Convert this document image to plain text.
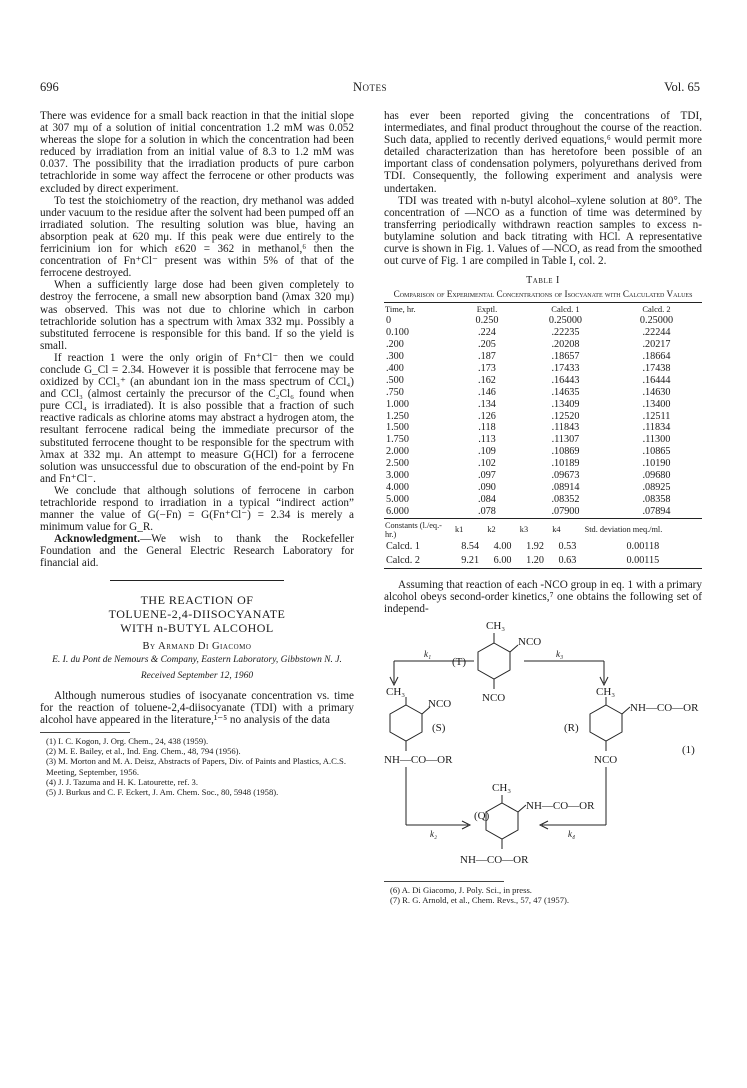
696	Notes	Vol. 65

There was evidence for a small back reaction in that the initial slope at 307 mμ of a solution of initial concentration 1.2 mM was 0.052 whereas the slope for a solution in which the concentration had been reduced by irradiation from an initial value of 8.3 to 1.2 mM was 0.037. The possibility that the irradiation products of pure carbon tetrachloride in some way affect the ferrocene or other products was excluded by direct experiment.

To test the stoichiometry of the reaction, dry methanol was added under vacuum to the residue after the solvent had been pumped off an irradiated solution. The resulting solution was blue, having an absorption peak at 620 mμ. If this peak were due entirely to the ferricinium ion for which ε620 = 362 in methanol,⁶ then the concentration of Fn⁺Cl⁻ present was within 5% of that of the ferrocene destroyed.

When a sufficiently large dose had been given completely to destroy the ferrocene, a small new absorption band (λmax 320 mμ) was observed. This was not due to chlorine which in carbon tetrachloride solution has a spectrum with λmax 332 mμ. Possibly a substituted ferrocene is responsible for this band. If so the yield is small.

If reaction 1 were the only origin of Fn⁺Cl⁻ then we could conclude G_Cl = 2.34. However it is possible that ferrocene may be oxidized by CCl₃⁺ (an abundant ion in the mass spectrum of CCl₄) and CCl₃ (almost certainly the precursor of the C₂Cl₆ found when pure CCl₄ is irradiated). It is also possible that a fraction of such reactive radicals as chlorine atoms may abstract a hydrogen atom, the resultant ferrocene radical being the immediate precursor of the substituted ferrocene thought to be responsible for the spectrum with λmax at 332 mμ. An attempt to measure G(HCl) for a ferrocene solution was unsuccessful due to obscuration of the end-point by Fn and Fn⁺Cl⁻.

We conclude that although solutions of ferrocene in carbon tetrachloride respond to irradiation in a typical “indirect action” manner the value of G(−Fn) = G(Fn⁺Cl⁻) = 2.34 is merely a minimum value for G_R.

Acknowledgment.—We wish to thank the Rockefeller Foundation and the General Electric Research Laboratory for financial aid.

THE REACTION OF
TOLUENE-2,4-DIISOCYANATE
WITH n-BUTYL ALCOHOL
By Armand Di Giacomo
E. I. du Pont de Nemours & Company, Eastern Laboratory, Gibbstown N. J.
Received September 12, 1960

Although numerous studies of isocyanate concentration vs. time for the reaction of toluene-2,4-diisocyanate (TDI) with a primary alcohol have appeared in the literature,¹⁻⁵ no analysis of the data

(1) I. C. Kogon, J. Org. Chem., 24, 438 (1959).

(2) M. E. Bailey, et al., Ind. Eng. Chem., 48, 794 (1956).

(3) M. Morton and M. A. Deisz, Abstracts of Papers, Div. of Paints and Plastics, A.C.S. Meeting, September, 1956.

(4) J. J. Tazuma and H. K. Latourette, ref. 3.

(5) J. Burkus and C. F. Eckert, J. Am. Chem. Soc., 80, 5948 (1958).

has ever been reported giving the concentrations of TDI, intermediates, and final product throughout the course of the reaction. Such data, applied to recently derived equations,⁶ would permit more detailed characterization than has heretofore been possible of an important class of condensation polymers, polyurethans derived from TDI. Consequently, the following experiment and analysis were undertaken.

TDI was treated with n-butyl alcohol–xylene solution at 80°. The concentration of —NCO as a function of time was determined by transferring periodically withdrawn reaction samples to excess n-butylamine solution and back titrating with HCl. A representative curve is shown in Fig. 1. Values of —NCO, as read from the smoothed out curve of Fig. 1 are compiled in Table I, col. 2.

Table I
Comparison of Experimental Concentrations of Isocyanate with Calculated Values
Time, hr.	Exptl.	Calcd. 1	Calcd. 2
0	0.250	0.25000	0.25000
0.100	.224	.22235	.22244
.200	.205	.20208	.20217
.300	.187	.18657	.18664
.400	.173	.17433	.17438
.500	.162	.16443	.16444
.750	.146	.14635	.14630
1.000	.134	.13409	.13400
1.250	.126	.12520	.12511
1.500	.118	.11843	.11834
1.750	.113	.11307	.11300
2.000	.109	.10869	.10865
2.500	.102	.10189	.10190
3.000	.097	.09673	.09680
4.000	.090	.08914	.08925
5.000	.084	.08352	.08358
6.000	.078	.07900	.07894
Constants (l./eq.-hr.)	k1	k2	k3	k4	Std. deviation meq./ml.
Calcd. 1	8.54	4.00	1.92	0.53	0.00118
Calcd. 2	9.21	6.00	1.20	0.63	0.00115

Assuming that reaction of each -NCO group in eq. 1 with a primary alcohol obeys second-order kinetics,⁷ one obtains the following set of independ-

CH₃
NCO
NCO
(T)
k₁	k₃
CH₃
NCO
(S)
NH—CO—OR
CH₃
NH—CO—OR
(R)
NCO
(1)
CH₃
NH—CO—OR
(Q)
NH—CO—OR
k₂	k₄

(6) A. Di Giacomo, J. Poly. Sci., in press.

(7) R. G. Arnold, et al., Chem. Revs., 57, 47 (1957).
